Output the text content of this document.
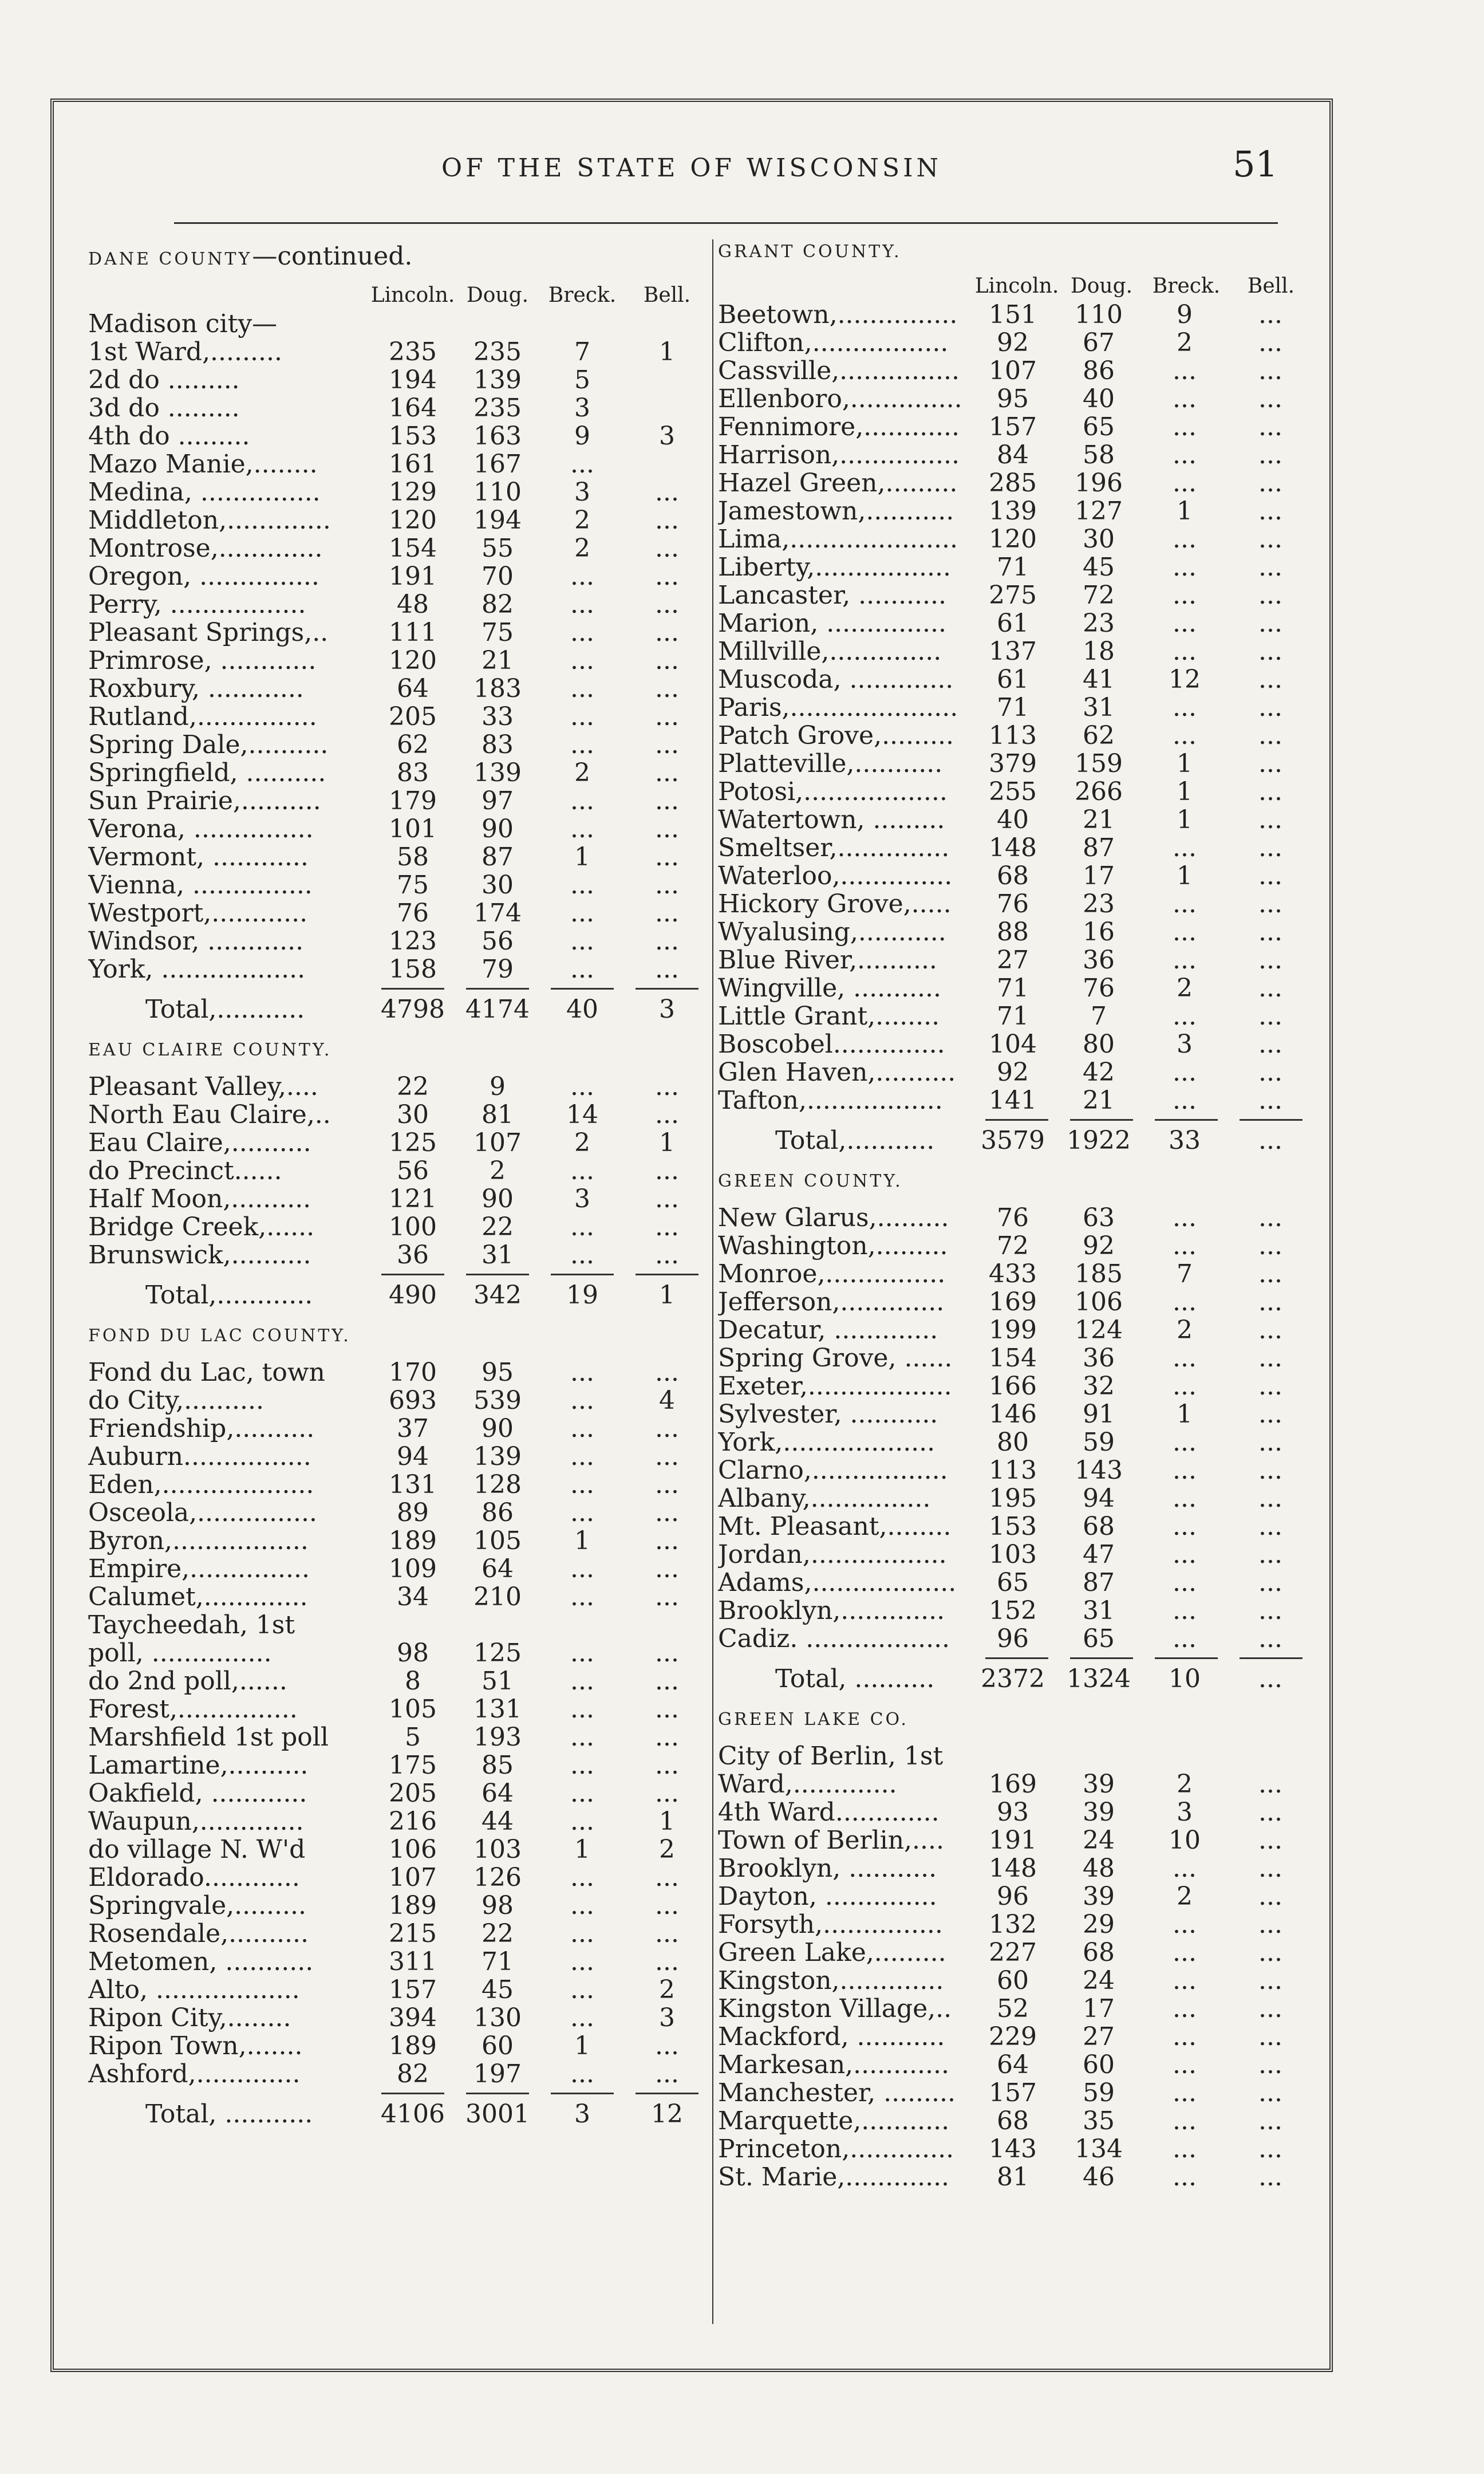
OF THE STATE OF WISCONSIN	51
DANE COUNTY—continued.
Lincoln. Doug. Breck.	Bell.
Madison city—
1st Ward,.........	235	235	7	1
2d do .........	194	139	5
3d do .........	164	235	3
4th do .........	153	163	9	3
Mazo Manie,........	161	167	...
Medina, ...............	129	110	3	...
Middleton,.............	120	194	2	...
Montrose,.............	154	55	2	...
Oregon, ...............	191	70	...	...
Perry, .................	48	82	...	...
Pleasant Springs,..	111	75	...	...
Primrose, ............	120	21	...	...
Roxbury, ............	64	183	...	...
Rutland,...............	205	33	...	...
Spring Dale,..........	62	83	...	...
Springfield, ..........	83	139	2	...
Sun Prairie,..........	179	97	...	...
Verona, ...............	101	90	...	...
Vermont, ............	58	87	1	...
Vienna, ...............	75	30	...	...
Westport,............	76	174	...	...
Windsor, ............	123	56	...	...
York, ..................	158	79	...	...
Total,...........	4798 4174	40	3
EAU CLAIRE COUNTY.
Pleasant Valley,....	22	9	...	...
North Eau Claire,..	30	81	14	...
Eau Claire,..........	125	107	2	1
do Precinct......	56	2	...	...
Half Moon,..........	121	90	3	...
Bridge Creek,......	100	22	...	...
Brunswick,..........	36	31	...	...
Total,............	490	342	19	1
FOND DU LAC COUNTY.
Fond du Lac, town	170	95	...	...
do City,..........	693	539	...	4
Friendship,..........	37	90	...	...
Auburn................	94	139	...	...
Eden,...................	131	128	...	...
Osceola,...............	89	86	...	...
Byron,.................	189	105	1	...
Empire,...............	109	64	...	...
Calumet,.............	34	210	...	...
Taycheedah, 1st
poll, ...............	98	125	...	...
do 2nd poll,......	8	51	...	...
Forest,...............	105	131	...	...
Marshfield 1st poll	5	193	...	...
Lamartine,..........	175	85	...	...
Oakfield, ............	205	64	...	...
Waupun,.............	216	44	...	1
do village N. W'd	106	103	1	2
Eldorado............	107	126	...	...
Springvale,.........	189	98	...	...
Rosendale,..........	215	22	...	...
Metomen, ...........	311	71	...	...
Alto, ..................	157	45	...	2
Ripon City,........	394	130	...	3
Ripon Town,.......	189	60	1	...
Ashford,.............	82	197	...	...
Total, ...........	4106 3001	3	12
GRANT COUNTY.
Lincoln. Doug. Breck.	Bell.
Beetown,...............	151	110	9	...
Clifton,.................	92	67	2	...
Cassville,...............	107	86	...	...
Ellenboro,..............	95	40	...	...
Fennimore,............	157	65	...	...
Harrison,...............	84	58	...	...
Hazel Green,.........	285	196	...	...
Jamestown,...........	139	127	1	...
Lima,.....................	120	30	...	...
Liberty,.................	71	45	...	...
Lancaster, ...........	275	72	...	...
Marion, ...............	61	23	...	...
Millville,..............	137	18	...	...
Muscoda, .............	61	41	12	...
Paris,.....................	71	31	...	...
Patch Grove,.........	113	62	...	...
Platteville,...........	379	159	1	...
Potosi,..................	255	266	1	...
Watertown, .........	40	21	1	...
Smeltser,..............	148	87	...	...
Waterloo,..............	68	17	1	...
Hickory Grove,.....	76	23	...	...
Wyalusing,...........	88	16	...	...
Blue River,..........	27	36	...	...
Wingville, ...........	71	76	2	...
Little Grant,........	71	7	...	...
Boscobel..............	104	80	3	...
Glen Haven,..........	92	42	...	...
Tafton,.................	141	21	...	...
Total,...........	3579 1922	33	...
GREEN COUNTY.
New Glarus,.........	76	63	...	...
Washington,.........	72	92	...	...
Monroe,...............	433	185	7	...
Jefferson,.............	169	106	...	...
Decatur, .............	199	124	2	...
Spring Grove, ......	154	36	...	...
Exeter,..................	166	32	...	...
Sylvester, ...........	146	91	1	...
York,...................	80	59	...	...
Clarno,.................	113	143	...	...
Albany,...............	195	94	...	...
Mt. Pleasant,........	153	68	...	...
Jordan,.................	103	47	...	...
Adams,..................	65	87	...	...
Brooklyn,.............	152	31	...	...
Cadiz. ..................	96	65	...	...
Total, ..........	2372 1324	10	...
GREEN LAKE CO.
City of Berlin, 1st
Ward,.............	169	39	2	...
4th Ward.............	93	39	3	...
Town of Berlin,....	191	24	10	...
Brooklyn, ...........	148	48	...	...
Dayton, ..............	96	39	2	...
Forsyth,...............	132	29	...	...
Green Lake,.........	227	68	...	...
Kingston,.............	60	24	...	...
Kingston Village,..	52	17	...	...
Mackford, ...........	229	27	...	...
Markesan,............	64	60	...	...
Manchester, .........	157	59	...	...
Marquette,...........	68	35	...	...
Princeton,.............	143	134	...	...
St. Marie,.............	81	46	...	...
